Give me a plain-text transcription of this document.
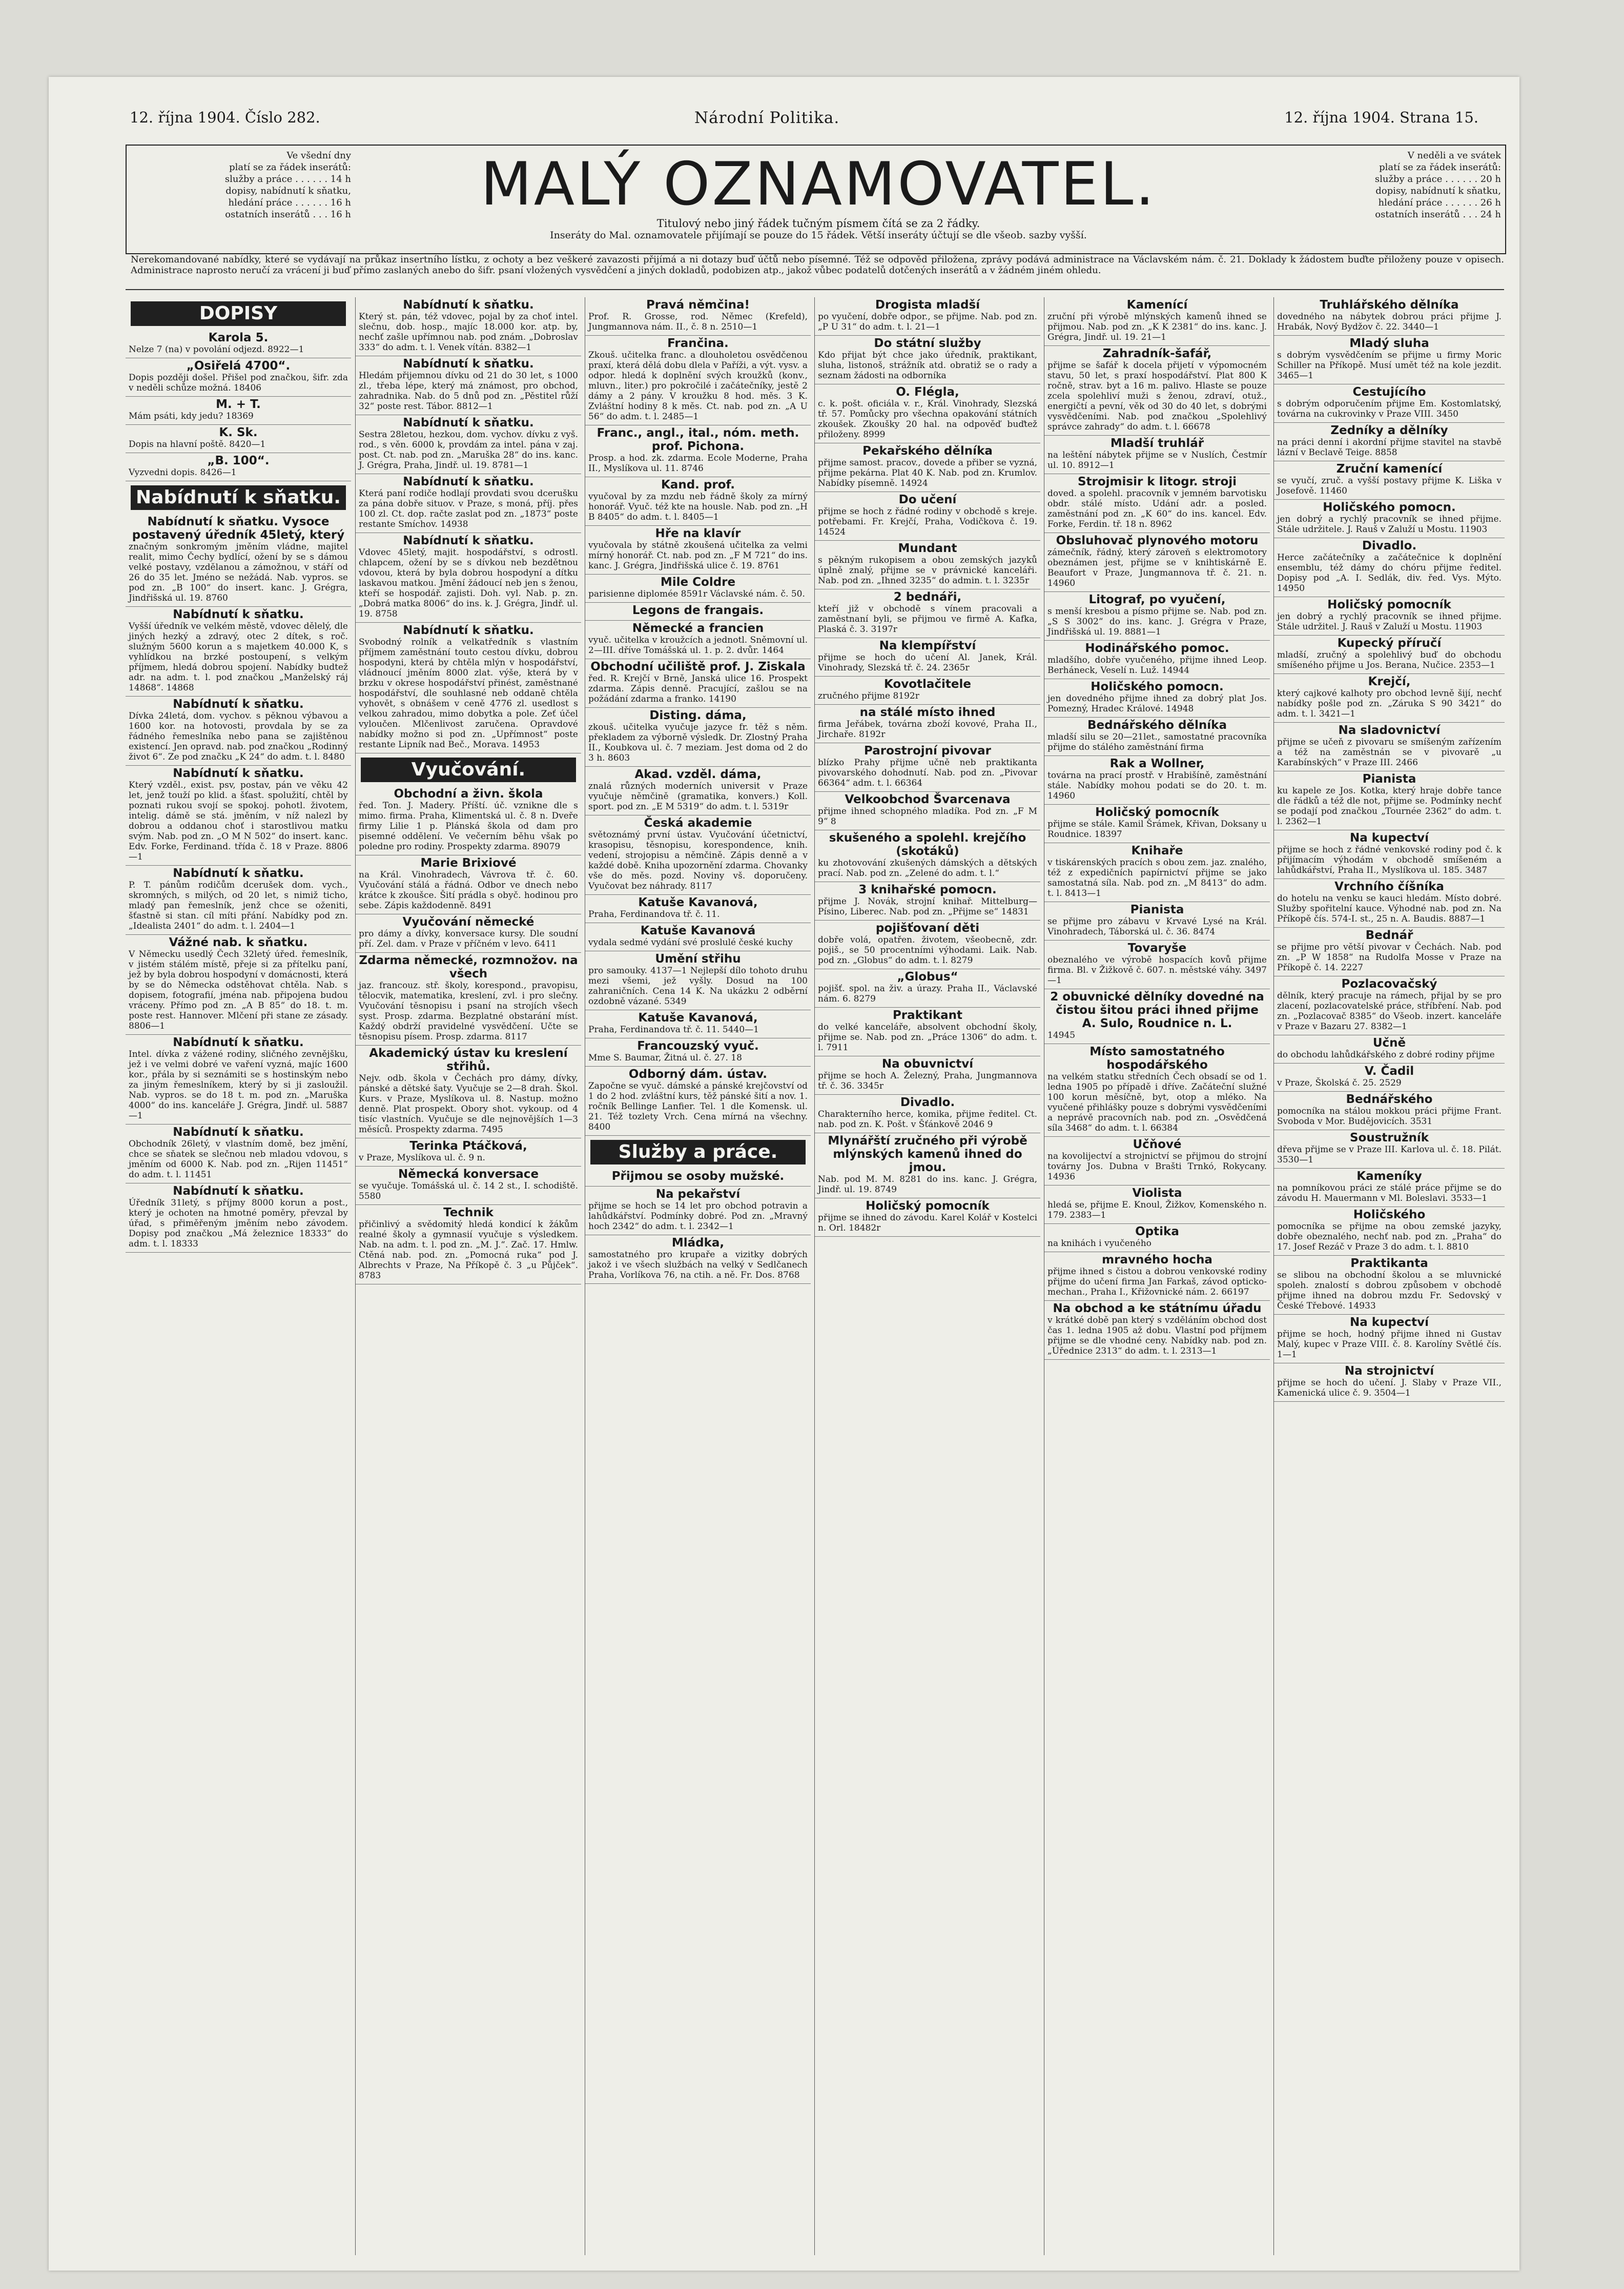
12. října 1904. Číslo 282.	Národní Politika.	12. října 1904. Strana 15.
Ve všední dny
platí se za řádek inserátů:
služby a práce . . . . . . 14 h
dopisy, nabídnutí k sňatku,
hledání práce . . . . . . 16 h
ostatních inserátů . . . 16 h	MALÝ OZNAMOVATEL.
Titulový nebo jiný řádek tučným písmem čítá se za 2 řádky.
Inseráty do Mal. oznamovatele přijímají se pouze do 15 řádek. Větší inseráty účtují se dle všeob. sazby vyšší.
V neděli a ve svátek
platí se za řádek inserátů:
služby a práce . . . . . . 20 h
dopisy, nabídnutí k sňatku,
hledání práce . . . . . . 26 h
ostatních inserátů . . . 24 h
Nerekomandované nabídky, které se vydávají na průkaz insertního lístku, z ochoty a bez veškeré zavazosti přijímá a ni dotazy buď účtů nebo písemné. Též se odpověd přiložena, zprávy podává administrace na Václavském nám. č. 21. Doklady k žádostem buďte přiloženy pouze v opisech. Administrace naprosto neručí za vrácení ji buď přímo zaslaných anebo do šifr. psaní vložených vysvědčení a jiných dokladů, podobizen atp., jakož vůbec podatelů dotčených inserátů a v žádném jiném ohledu.
DOPISY
Karola 5.
Nelze 7 (na) v povolání odjezd. 8922—1
„Osiřelá 4700“.
Dopis později došel. Přišel pod značkou, šifr. zda v neděli schůze možná. 18406
M. + T.
Mám psáti, kdy jedu? 18369
K. Sk.
Dopis na hlavní poště. 8420—1
„B. 100“.
Vyzvedni dopis. 8426—1
Nabídnutí k sňatku.
Nabídnutí k sňatku. Vysoce postavený úředník 45letý, který
značným sonkromým jměním vládne, majitel realit, mimo Čechy bydlící, ožení by se s dámou velké postavy, vzdělanou a zámožnou, v stáří od 26 do 35 let. Jméno se nežádá. Nab. vypros. se pod zn. „B 100“ do insert. kanc. J. Grégra, Jindřišská ul. 19. 8760
Nabídnutí k sňatku.
Vyšší úředník ve velkém městě, vdovec dělelý, dle jiných hezký a zdravý, otec 2 dítek, s roč. služným 5600 korun a s majetkem 40.000 K, s vyhlídkou na brzké postoupení, s velkým příjmem, hledá dobrou spojení. Nabídky budtež adr. na adm. t. l. pod značkou „Manželský ráj 14868“. 14868
Nabídnutí k sňatku.
Dívka 24letá, dom. vychov. s pěknou výbavou a 1600 kor. na hotovosti, provdala by se za řádného řemeslníka nebo pana se zajištěnou existencí. Jen opravd. nab. pod značkou „Rodinný život 6“. Ze pod značku „K 24“ do adm. t. l. 8480
Nabídnutí k sňatku.
Který vzděl., exist. psv, postav, pán ve věku 42 let, jenž touží po klid. a šťast. spolužití, chtěl by poznati rukou svojí se spokoj. pohotl. životem, intelig. dámě se stá. jměním, v níž nalezl by dobrou a oddanou choť i starostlivou matku svým. Nab. pod zn. „O M N 502“ do insert. kanc. Edv. Forke, Ferdinand. třída č. 18 v Praze. 8806—1
Nabídnutí k sňatku.
P. T. pánům rodičům dcerušek dom. vych., skromných, s milých, od 20 let, s nimiž ticho, mladý pan řemeslník, jenž chce se oženiti, šťastně si stan. cíl míti přání. Nabídky pod zn. „Idealista 2401“ do adm. t. l. 2404—1
Vážné nab. k sňatku.
V Německu usedlý Čech 32letý úřed. řemeslník, v jistém stálém místě, přeje si za přítelku paní, jež by byla dobrou hospodyní v domácnosti, která by se do Německa odstěhovat chtěla. Nab. s dopisem, fotografií, jména nab. připojena budou vráceny. Přímo pod zn. „A B 85“ do 18. t. m. poste rest. Hannover. Mlčení při stane ze zásady. 8806—1
Nabídnutí k sňatku.
Intel. dívka z vážené rodiny, sličného zevnějšku, jež i ve velmi dobré ve vaření vyzná, majíc 1600 kor., přála by si seznámiti se s hostinským nebo za jiným řemeslníkem, který by si ji zasloužil. Nab. vypros. se do 18 t. m. pod zn. „Maruška 4000“ do ins. kanceláře J. Grégra, Jindř. ul. 5887—1
Nabídnutí k sňatku.
Obchodník 26letý, v vlastním domě, bez jmění, chce se sňatek se slečnou neb mladou vdovou, s jměním od 6000 K. Nab. pod zn. „Rijen 11451“ do adm. t. l. 11451
Nabídnutí k sňatku.
Úředník 31letý, s příjmy 8000 korun a post., který je ochoten na hmotné poměry, převzal by úřad, s přiměřeným jměním nebo závodem. Dopisy pod značkou „Má železnice 18333“ do adm. t. l. 18333
Nabídnutí k sňatku.
Který st. pán, též vdovec, pojal by za choť intel. slečnu, dob. hosp., majíc 18.000 kor. atp. by, nechť zašle upřímnou nab. pod znám. „Dobroslav 333“ do adm. t. l. Venek vítán. 8382—1
Nabídnutí k sňatku.
Hledám přijemnou dívku od 21 do 30 let, s 1000 zl., třeba lépe, který má známost, pro obchod, zahradnika. Nab. do 5 dnů pod zn. „Pěstitel růží 32“ poste rest. Tábor. 8812—1
Nabídnutí k sňatku.
Sestra 28letou, hezkou, dom. vychov. dívku z vyš. rod., s věn. 6000 k, provdám za intel. pána v zaj. post. Ct. nab. pod zn. „Maruška 28“ do ins. kanc. J. Grégra, Praha, Jindř. ul. 19. 8781—1
Nabídnutí k sňatku.
Která paní rodiče hodlají provdati svou dcerušku za pána dobře situov. v Praze, s moná, příj. přes 100 zl. Ct. dop. račte zaslat pod zn. „1873“ poste restante Smíchov. 14938
Nabídnutí k sňatku.
Vdovec 45letý, majit. hospodářství, s odrostl. chlapcem, ožení by se s dívkou neb bezdětnou vdovou, která by byla dobrou hospodyní a dítku laskavou matkou. Jmění žádoucí neb jen s ženou, kteří se hospodář. zajisti. Doh. vyl. Nab. p. zn. „Dobrá matka 8006“ do ins. k. J. Grégra, Jindř. ul. 19. 8758
Nabídnutí k sňatku.
Svobodný rolník a velkatředník s vlastním příjmem zaměstnání touto cestou dívku, dobrou hospodyni, která by chtěla mlýn v hospodářství, vládnoucí jměním 8000 zlat. výše, která by v brzku v okrese hospodářství přinést, zaměstnané hospodářství, dle souhlasné neb oddaně chtěla vyhovět, s obnášem v ceně 4776 zl. usedlost s velkou zahradou, mimo dobytka a pole. Zeť účel vyloučen. Mlčenlivost zaručena. Opravdové nabídky možno si pod zn. „Upřímnost“ poste restante Lipník nad Beč., Morava. 14953
Vyučování.
Obchodní a živn. škola
řed. Ton. J. Madery. Příští. úč. vznikne dle s mimo. firma. Praha, Klimentská ul. č. 8 n. Dveře firmy Lilie 1 p. Plánská škola od dam pro pisemné oddělení. Ve večerním běhu však po poledne pro rodiny. Prospekty zdarma. 89079
Marie Brixiové
na Král. Vinohradech, Vávrova tř. č. 60. Vyučování stálá a řádná. Odbor ve dnech nebo krátce k zkoušce. Šití prádla s obyč. hodinou pro sebe. Zápis každodenně. 8491
Vyučování německé
pro dámy a dívky, konversace kursy. Dle soudní pří. Zel. dam. v Praze v příčném v levo. 6411
Zdarma německé, rozmnožov. na všech
jaz. francouz. stř. školy, korespond., pravopisu, tělocvik, matematika, kreslení, zvl. i pro slečny. Vyučování těsnopisu i psaní na strojích všech syst. Prosp. zdarma. Bezplatné obstarání míst. Každý obdrží pravidelné vysvědčení. Učte se těsnopisu písem. Prosp. zdarma. 8117
Akademický ústav ku kreslení střihů.
Nejv. odb. škola v Čechách pro dámy, dívky, pánské a dětské šaty. Vyučuje se 2—8 drah. Škol. Kurs. v Praze, Myslíkova ul. 8. Nastup. možno denně. Plat prospekt. Obory shot. vykoup. od 4 tisíc vlastních. Vyučuje se dle nejnovějších 1—3 měsíců. Prospekty zdarma. 7495
Terinka Ptáčková,
v Praze, Myslíkova ul. č. 9 n.
Německá konversace
se vyučuje. Tomášská ul. č. 14 2 st., I. schodiště. 5580
Technik
přičinlivý a svědomitý hledá kondicí k žákům realné školy a gymnasií vyučuje s výsledkem. Nab. na adm. t. l. pod zn. „M. J.“. Zač. 17. Hmlw. Ctěná nab. pod. zn. „Pomocná ruka“ pod J. Albrechts v Praze, Na Příkopě č. 3 „u Půjček“. 8783
Pravá němčina!
Prof. R. Grosse, rod. Němec (Krefeld), Jungmannova nám. II., č. 8 n. 2510—1
Frančina.
Zkouš. učitelka franc. a dlouholetou osvědčenou praxí, která dělá dobu dlela v Paříži, a výt. vysv. a odpor. hledá k doplnění svých kroužků (konv., mluvn., liter.) pro pokročilé i začátečníky, jestě 2 dámy a 2 pány. V kroužku 8 hod. měs. 3 K. Zvláštní hodiny 8 k měs. Ct. nab. pod zn. „A U 56“ do adm. t. l. 2485—1
Franc., angl., ital., nóm. meth. prof. Pichona.
Prosp. a hod. zk. zdarma. Ecole Moderne, Praha II., Myslíkova ul. 11. 8746
Kand. prof.
vyučoval by za mzdu neb řádně školy za mírný honorář. Vyuč. též kte na housle. Nab. pod zn. „H B 8405“ do adm. t. l. 8405—1
Hře na klavír
vyučovala by státně zkoušená učitelka za velmi mírný honorář. Ct. nab. pod zn. „F M 721“ do ins. kanc. J. Grégra, Jindřišská ulice č. 19. 8761
Mile Coldre
parisienne diplomée 8591r Václavské nám. č. 50.
Legons de frangais.
Německé a francien
vyuč. učitelka v kroužcích a jednotl. Sněmovní ul. 2—III. dříve Tomášská ul. 1. p. 2. dvůr. 1464
Obchodní učiliště prof. J. Ziskala
řed. R. Krejčí v Brně, Janská ulice 16. Prospekt zdarma. Zápis denně. Pracující, zašlou se na požádání zdarma a franko. 14190
Disting. dáma,
zkouš. učitelka vyučuje jazyce fr. těž s něm. překladem za výborně výsledk. Dr. Zlostný Praha II., Koubkova ul. č. 7 meziam. Jest doma od 2 do 3 h. 8603
Akad. vzděl. dáma,
znalá různých moderních universit v Praze vyučuje němčině (gramatika, konvers.) Koll. sport. pod zn. „E M 5319“ do adm. t. l. 5319r
Česká akademie
světoznámý první ústav. Vyučování účetnictví, krasopisu, těsnopisu, korespondence, knih. vedení, strojopisu a němčině. Zápis denně a v každé době. Kniha upozornění zdarma. Chovanky vše do měs. pozd. Noviny vš. doporučeny. Vyučovat bez náhrady. 8117
Katuše Kavanová,
Praha, Ferdinandova tř. č. 11.
Katuše Kavanová
vydala sedmé vydání své proslulé české kuchy
Umění střihu
pro samouky. 4137—1 Nejlepší dílo tohoto druhu mezi všemi, jež vyšly. Dosud na 100 zahraničních. Cena 14 K. Na ukázku 2 odběrní ozdobně vázané. 5349
Katuše Kavanová,
Praha, Ferdinandova tř. č. 11. 5440—1
Francouzský vyuč.
Mme S. Baumar, Žitná ul. č. 27. 18
Odborný dám. ústav.
Započne se vyuč. dámské a pánské krejčovství od 1 do 2 hod. zvláštní kurs, těž pánské šití a nov. 1. ročník Bellinge Lanfier. Tel. 1 dle Komensk. ul. 21. Též tozlety Vrch. Cena mírná na všechny. 8400
Služby a práce.
Přijmou se osoby mužské.
Na pekařství
přijme se hoch se 14 let pro obchod potravin a lahůdkářství. Podmínky dobré. Pod zn. „Mravný hoch 2342“ do adm. t. l. 2342—1
Mládka,
samostatného pro krupaře a vizitky dobrých jakož i ve všech službách na velký v Sedlčanech Praha, Vorlíkova 76, na ctih. a ně. Fr. Dos. 8768
Drogista mladší
po vyučení, dobře odpor., se přijme. Nab. pod zn. „P U 31“ do adm. t. l. 21—1
Do státní služby
Kdo přijat být chce jako úředník, praktikant, sluha, listonoš, strážník atd. obratiž se o rady a seznam žádosti na odborníka
O. Flégla,
c. k. pošt. oficiála v. r., Král. Vinohrady, Slezská tř. 57. Pomůcky pro všechna opakování státních zkoušek. Zkoušky 20 hal. na odpověď buďtež přiloženy. 8999
Pekařského dělníka
přijme samost. pracov., dovede a přiber se vyzná, přijme pekárna. Plat 40 K. Nab. pod zn. Krumlov. Nabídky písemně. 14924
Do učení
přijme se hoch z řádné rodiny v obchodě s kreje. potřebami. Fr. Krejčí, Praha, Vodičkova č. 19. 14524
Mundant
s pěkným rukopisem a obou zemských jazyků úplně znalý, přijme se v právnické kanceláři. Nab. pod zn. „Ihned 3235“ do admin. t. l. 3235r
2 bednáři,
kteří již v obchodě s vínem pracovali a zaměstnaní byli, se přijmou ve firmě A. Kafka, Plaská č. 3. 3197r
Na klempířství
přijme se hoch do učení Al. Janek, Král. Vinohrady, Slezská tř. č. 24. 2365r
Kovotlačitele
zručného přijme 8192r
na stálé místo ihned
firma Jeřábek, továrna zboží kovové, Praha II., Jirchaře. 8192r
Parostrojní pivovar
blízko Prahy přijme učně neb praktikanta pivovarského dohodnutí. Nab. pod zn. „Pivovar 66364“ adm. t. l. 66364
Velkoobchod Švarcenava
přijme ihned schopného mladíka. Pod zn. „F M 9“ 8
skušeného a spolehl. krejčího (skotáků)
ku zhotovování zkušených dámských a dětských prací. Nab. pod zn. „Zelené do adm. t. l.“
3 knihařské pomocn.
přijme J. Novák, strojní knihař. Mittelburg—Písino, Liberec. Nab. pod zn. „Přijme se“ 14831
pojišťovaní děti
dobře volá, opatřen. životem, všeobecně, zdr. pojiš., se 50 procentními výhodami. Laik. Nab. pod zn. „Globus“ do adm. t. l. 8279
„Globus“
pojišť. spol. na živ. a úrazy. Praha II., Václavské nám. 6. 8279
Praktikant
do velké kanceláře, absolvent obchodní školy, přijme se. Nab. pod zn. „Práce 1306“ do adm. t. l. 7911
Na obuvnictví
přijme se hoch A. Železný, Praha, Jungmannova tř. č. 36. 3345r
Divadlo.
Charakterního herce, komika, přijme ředitel. Ct. nab. pod zn. K. Pošt. v Šťánkově 2046 9
Mlynářští zručného při výrobě mlýnských kamenů ihned do jmou.
Nab. pod M. M. 8281 do ins. kanc. J. Grégra, Jindř. ul. 19. 8749
Holičský pomocník
přijme se ihned do závodu. Karel Kolář v Kostelci n. Orl. 18482r
Kamenící
zruční při výrobě mlýnských kamenů ihned se přijmou. Nab. pod zn. „K K 2381“ do ins. kanc. J. Grégra, Jindř. ul. 19. 21—1
Zahradník-šafář,
přijme se šafář k docela přijetí v výpomocném stavu, 50 let, s praxí hospodářství. Plat 800 K ročně, strav. byt a 16 m. palivo. Hlaste se pouze zcela spolehliví muži s ženou, zdraví, otuž., energičtí a pevní, věk od 30 do 40 let, s dobrými vysvědčeními. Nab. pod značkou „Spolehlivý správce zahrady“ do adm. t. l. 66678
Mladší truhlář
na leštění nábytek přijme se v Nuslích, Čestmír ul. 10. 8912—1
Strojmisir k litogr. stroji
doved. a spolehl. pracovník v jemném barvotisku obdr. stálé místo. Udání adr. a posled. zaměstnání pod zn. „K 60“ do ins. kancel. Edv. Forke, Ferdin. tř. 18 n. 8962
Obsluhovač plynového motoru
zámečník, řádný, který zároveň s elektromotory obeznámen jest, přijme se v knihtiskárně E. Beaufort v Praze, Jungmannova tř. č. 21. n. 14960
Litograf, po vyučení,
s menší kresbou a písmo přijme se. Nab. pod zn. „S S 3002“ do ins. kanc. J. Grégra v Praze, Jindřišská ul. 19. 8881—1
Hodinářského pomoc.
mladšího, dobře vyučeného, přijme ihned Leop. Berháneck, Veselí n. Luž. 14944
Holičského pomocn.
jen dovedného přijme ihned za dobrý plat Jos. Pomezný, Hradec Králové. 14948
Bednářského dělníka
mladší silu se 20—21let., samostatné pracovníka přijme do stálého zaměstnání firma
Rak a Wollner,
továrna na prací prostř. v Hrabišíně, zaměstnání stále. Nabídky mohou podati se do 20. t. m. 14960
Holičský pomocník
přijme se stále. Kamil Šrámek, Křivan, Doksany u Roudnice. 18397
Knihaře
v tiskárenských pracích s obou zem. jaz. znalého, též z expedičních papírnictví přijme se jako samostatná síla. Nab. pod zn. „M 8413“ do adm. t. l. 8413—1
Pianista
se přijme pro zábavu v Krvavé Lysé na Král. Vinohradech, Táborská ul. č. 36. 8474
Tovaryše
obeznalého ve výrobě hospacích kovů přijme firma. Bl. v Žižkově č. 607. n. městské váhy. 3497—1
2 obuvnické dělníky dovedné na čistou šitou práci ihned přijme A. Sulo, Roudnice n. L.
14945
Místo samostatného hospodářského
na velkém statku středních Čech obsadí se od 1. ledna 1905 po případě i dříve. Začáteční služné 100 korun měsíčně, byt, otop a mléko. Na vyučené přihlášky pouze s dobrými vysvědčeními a neprávě pracovních nab. pod zn. „Osvědčená síla 3468“ do adm. t. l. 66384
Učňové
na kovolijectví a strojnictví se přijmou do strojní továrny Jos. Dubna v Brašti Trnkó, Rokycany. 14936
Violista
hledá se, přijme E. Knoul, Žižkov, Komenského n. 179. 2383—1
Optika
na knihách i vyučeného
mravného hocha
přijme ihned s čistou a dobrou venkovské rodiny přijme do učení firma Jan Farkaš, závod opticko-mechan., Praha I., Křižovnické nám. 2. 66197
Na obchod a ke státnímu úřadu
v krátké době pan který s vzděláním obchod dost čas 1. ledna 1905 až dobu. Vlastní pod příjmem přijme se dle vhodné ceny. Nabídky nab. pod zn. „Úřednice 2313“ do adm. t. l. 2313—1
Truhlářského dělníka
dovedného na nábytek dobrou práci přijme J. Hrabák, Nový Bydžov č. 22. 3440—1
Mladý sluha
s dobrým vysvědčením se přijme u firmy Moric Schiller na Příkopě. Musí umět též na kole jezdit. 3465—1
Cestujícího
s dobrým odporučením přijme Em. Kostomlatský, továrna na cukrovinky v Praze VIII. 3450
Zedníky a dělníky
na práci denní i akordní přijme stavitel na stavbě lázní v Beclavě Teige. 8858
Zruční kamenící
se vyučí, zruč. a vyšší postavy přijme K. Liška v Josefově. 11460
Holičského pomocn.
jen dobrý a rychlý pracovník se ihned přijme. Stále udržitele. J. Rauš v Zaluží u Mostu. 11903
Divadlo.
Herce začátečníky a začátečnice k doplnění ensemblu, též dámy do chóru přijme ředitel. Dopisy pod „A. I. Sedlák, div. řed. Vys. Mýto. 14950
Holičský pomocník
jen dobrý a rychlý pracovník se ihned přijme. Stále udržitel. J. Rauš v Zaluží u Mostu. 11903
Kupecký příručí
mladší, zručný a spolehlivý buď do obchodu smíšeného přijme u Jos. Berana, Nučice. 2353—1
Krejčí,
který cajkové kalhoty pro obchod levně šijí, nechť nabídky pošle pod zn. „Záruka S 90 3421“ do adm. t. l. 3421—1
Na sladovnictví
přijme se učeň z pivovaru se smíšeným zařízením a též na zaměstnán se v pivovarě „u Karabínských“ v Praze III. 2466
Pianista
ku kapele ze Jos. Kotka, který hraje dobře tance dle řádků a též dle not, přijme se. Podmínky nechť se podají pod značkou „Tournée 2362“ do adm. t. l. 2362—1
Na kupectví
přijme se hoch z řádné venkovské rodiny pod č. k přijímacím výhodám v obchodě smíšeném a lahůdkářství, Praha II., Myslíkova ul. 185. 3487
Vrchního číšníka
do hotelu na venku se kauci hledám. Místo dobré. Služby spořitelní kauce. Výhodné nab. pod zn. Na Příkopě čís. 574-I. st., 25 n. A. Baudis. 8887—1
Bednář
se přijme pro větší pivovar v Čechách. Nab. pod zn. „P W 1858“ na Rudolfa Mosse v Praze na Příkopě č. 14. 2227
Pozlacovačský
dělník, který pracuje na rámech, přijal by se pro zlacení, pozlacovatelské práce, stříbření. Nab. pod zn. „Pozlacovač 8385“ do Všeob. inzert. kanceláře v Praze v Bazaru 27. 8382—1
Učně
do obchodu lahůdkářského z dobré rodiny přijme
V. Čadil
v Praze, Školská č. 25. 2529
Bednářského
pomocníka na stálou mokkou práci přijme Frant. Svoboda v Mor. Budějovicích. 3531
Soustružník
dřeva přijme se v Praze III. Karlova ul. č. 18. Pilát. 3530—1
Kameníky
na pomníkovou práci ze stálé práce přijme se do závodu H. Mauermann v Ml. Boleslavi. 3533—1
Holičského
pomocníka se přijme na obou zemské jazyky, dobře obeznalého, nechť nab. pod zn. „Praha“ do 17. Josef Rezáč v Praze 3 do adm. t. l. 8810
Praktikanta
se slibou na obchodní školou a se mluvnické spoleh. znalostí s dobrou způsobem v obchodě přijme ihned na dobrou mzdu Fr. Sedovský v České Třebové. 14933
Na kupectví
přijme se hoch, hodný přijme ihned ni Gustav Malý, kupec v Praze VIII. č. 8. Karolíny Světlé čís. 1—1
Na strojnictví
přijme se hoch do učení. J. Slaby v Praze VII., Kamenická ulice č. 9. 3504—1
